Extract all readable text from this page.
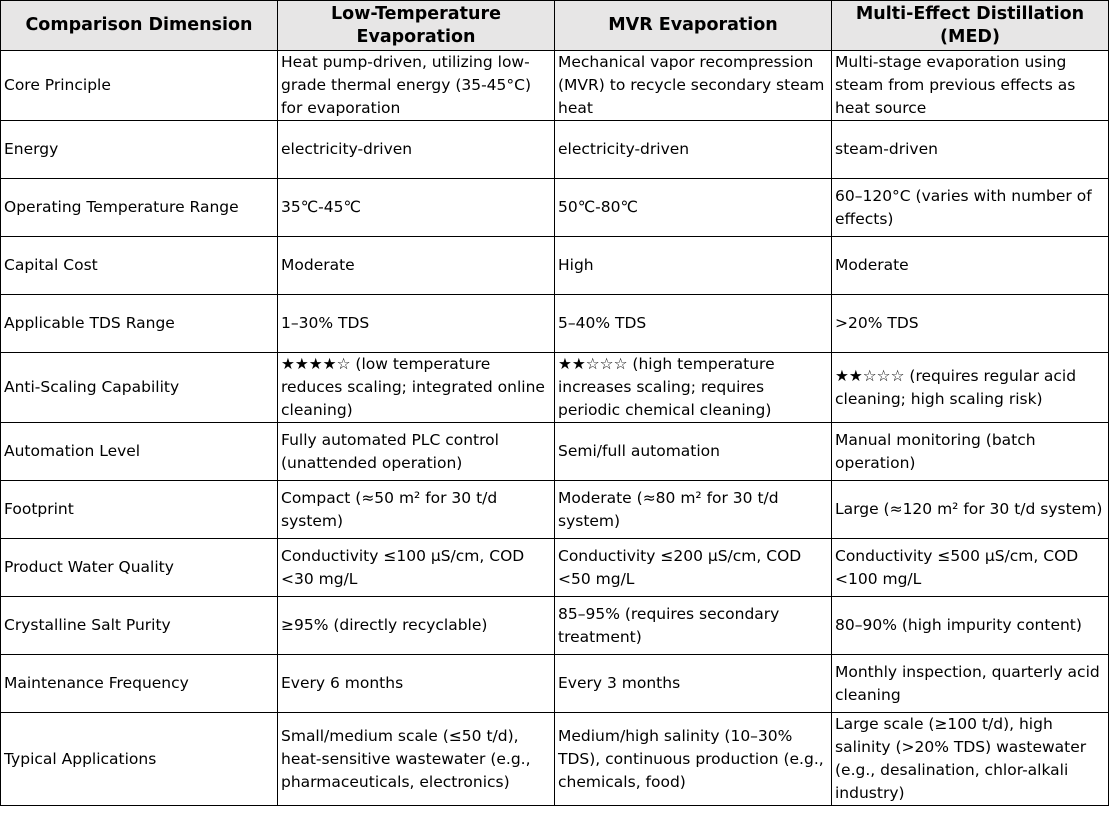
Comparison Dimension	Low-Temperature Evaporation	MVR Evaporation	Multi-Effect Distillation (MED)
Core Principle	Heat pump-driven, utilizing low-grade thermal energy (35-45°C) for evaporation	Mechanical vapor recompression (MVR) to recycle secondary steam heat	Multi-stage evaporation using steam from previous effects as heat source
Energy	electricity-driven	electricity-driven	steam-driven
Operating Temperature Range	35℃-45℃	50℃-80℃	60–120°C (varies with number of effects)
Capital Cost	Moderate	High	Moderate
Applicable TDS Range	1–30% TDS	5–40% TDS	>20% TDS
Anti-Scaling Capability	★★★★☆ (low temperature reduces scaling; integrated online cleaning)	★★☆☆☆ (high temperature increases scaling; requires periodic chemical cleaning)	★★☆☆☆ (requires regular acid cleaning; high scaling risk)
Automation Level	Fully automated PLC control (unattended operation)	Semi/full automation	Manual monitoring (batch operation)
Footprint	Compact (≈50 m² for 30 t/d system)	Moderate (≈80 m² for 30 t/d system)	Large (≈120 m² for 30 t/d system)
Product Water Quality	Conductivity ≤100 μS/cm, COD <30 mg/L	Conductivity ≤200 μS/cm, COD <50 mg/L	Conductivity ≤500 μS/cm, COD <100 mg/L
Crystalline Salt Purity	≥95% (directly recyclable)	85–95% (requires secondary treatment)	80–90% (high impurity content)
Maintenance Frequency	Every 6 months	Every 3 months	Monthly inspection, quarterly acid cleaning
Typical Applications	Small/medium scale (≤50 t/d), heat-sensitive wastewater (e.g., pharmaceuticals, electronics)	Medium/high salinity (10–30% TDS), continuous production (e.g., chemicals, food)	Large scale (≥100 t/d), high salinity (>20% TDS) wastewater (e.g., desalination, chlor-alkali industry)
